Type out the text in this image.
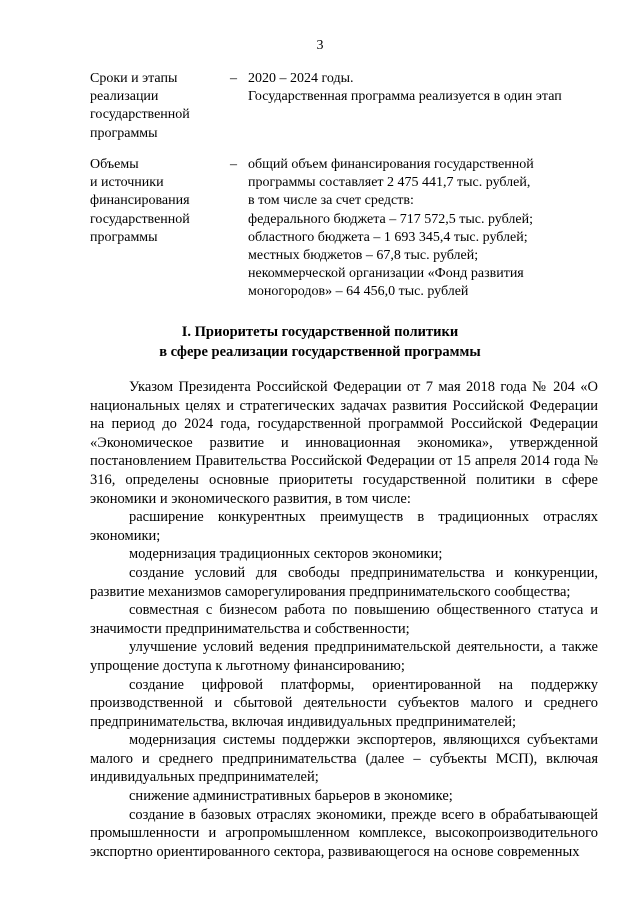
3
Сроки и этапы
реализации
государственной
программы
– 2020 – 2024 годы.
Государственная программа реализуется в один этап
Объемы
и источники
финансирования
государственной
программы
– общий объем финансирования государственной
программы составляет 2 475 441,7 тыс. рублей,
в том числе за счет средств:
федерального бюджета – 717 572,5 тыс. рублей;
областного бюджета – 1 693 345,4 тыс. рублей;
местных бюджетов – 67,8 тыс. рублей;
некоммерческой организации «Фонд развития
моногородов» – 64 456,0 тыс. рублей
I. Приоритеты государственной политики
в сфере реализации государственной программы
Указом Президента Российской Федерации от 7 мая 2018 года № 204 «О национальных целях и стратегических задачах развития Российской Федерации на период до 2024 года, государственной программой Российской Федерации «Экономическое развитие и инновационная экономика», утвержденной постановлением Правительства Российской Федерации от 15 апреля 2014 года № 316, определены основные приоритеты государственной политики в сфере экономики и экономического развития, в том числе:
расширение конкурентных преимуществ в традиционных отраслях экономики;
модернизация традиционных секторов экономики;
создание условий для свободы предпринимательства и конкуренции, развитие механизмов саморегулирования предпринимательского сообщества;
совместная с бизнесом работа по повышению общественного статуса и значимости предпринимательства и собственности;
улучшение условий ведения предпринимательской деятельности, а также упрощение доступа к льготному финансированию;
создание цифровой платформы, ориентированной на поддержку производственной и сбытовой деятельности субъектов малого и среднего предпринимательства, включая индивидуальных предпринимателей;
модернизация системы поддержки экспортеров, являющихся субъектами малого и среднего предпринимательства (далее – субъекты МСП), включая индивидуальных предпринимателей;
снижение административных барьеров в экономике;
создание в базовых отраслях экономики, прежде всего в обрабатывающей промышленности и агропромышленном комплексе, высокопроизводительного экспортно ориентированного сектора, развивающегося на основе современных
